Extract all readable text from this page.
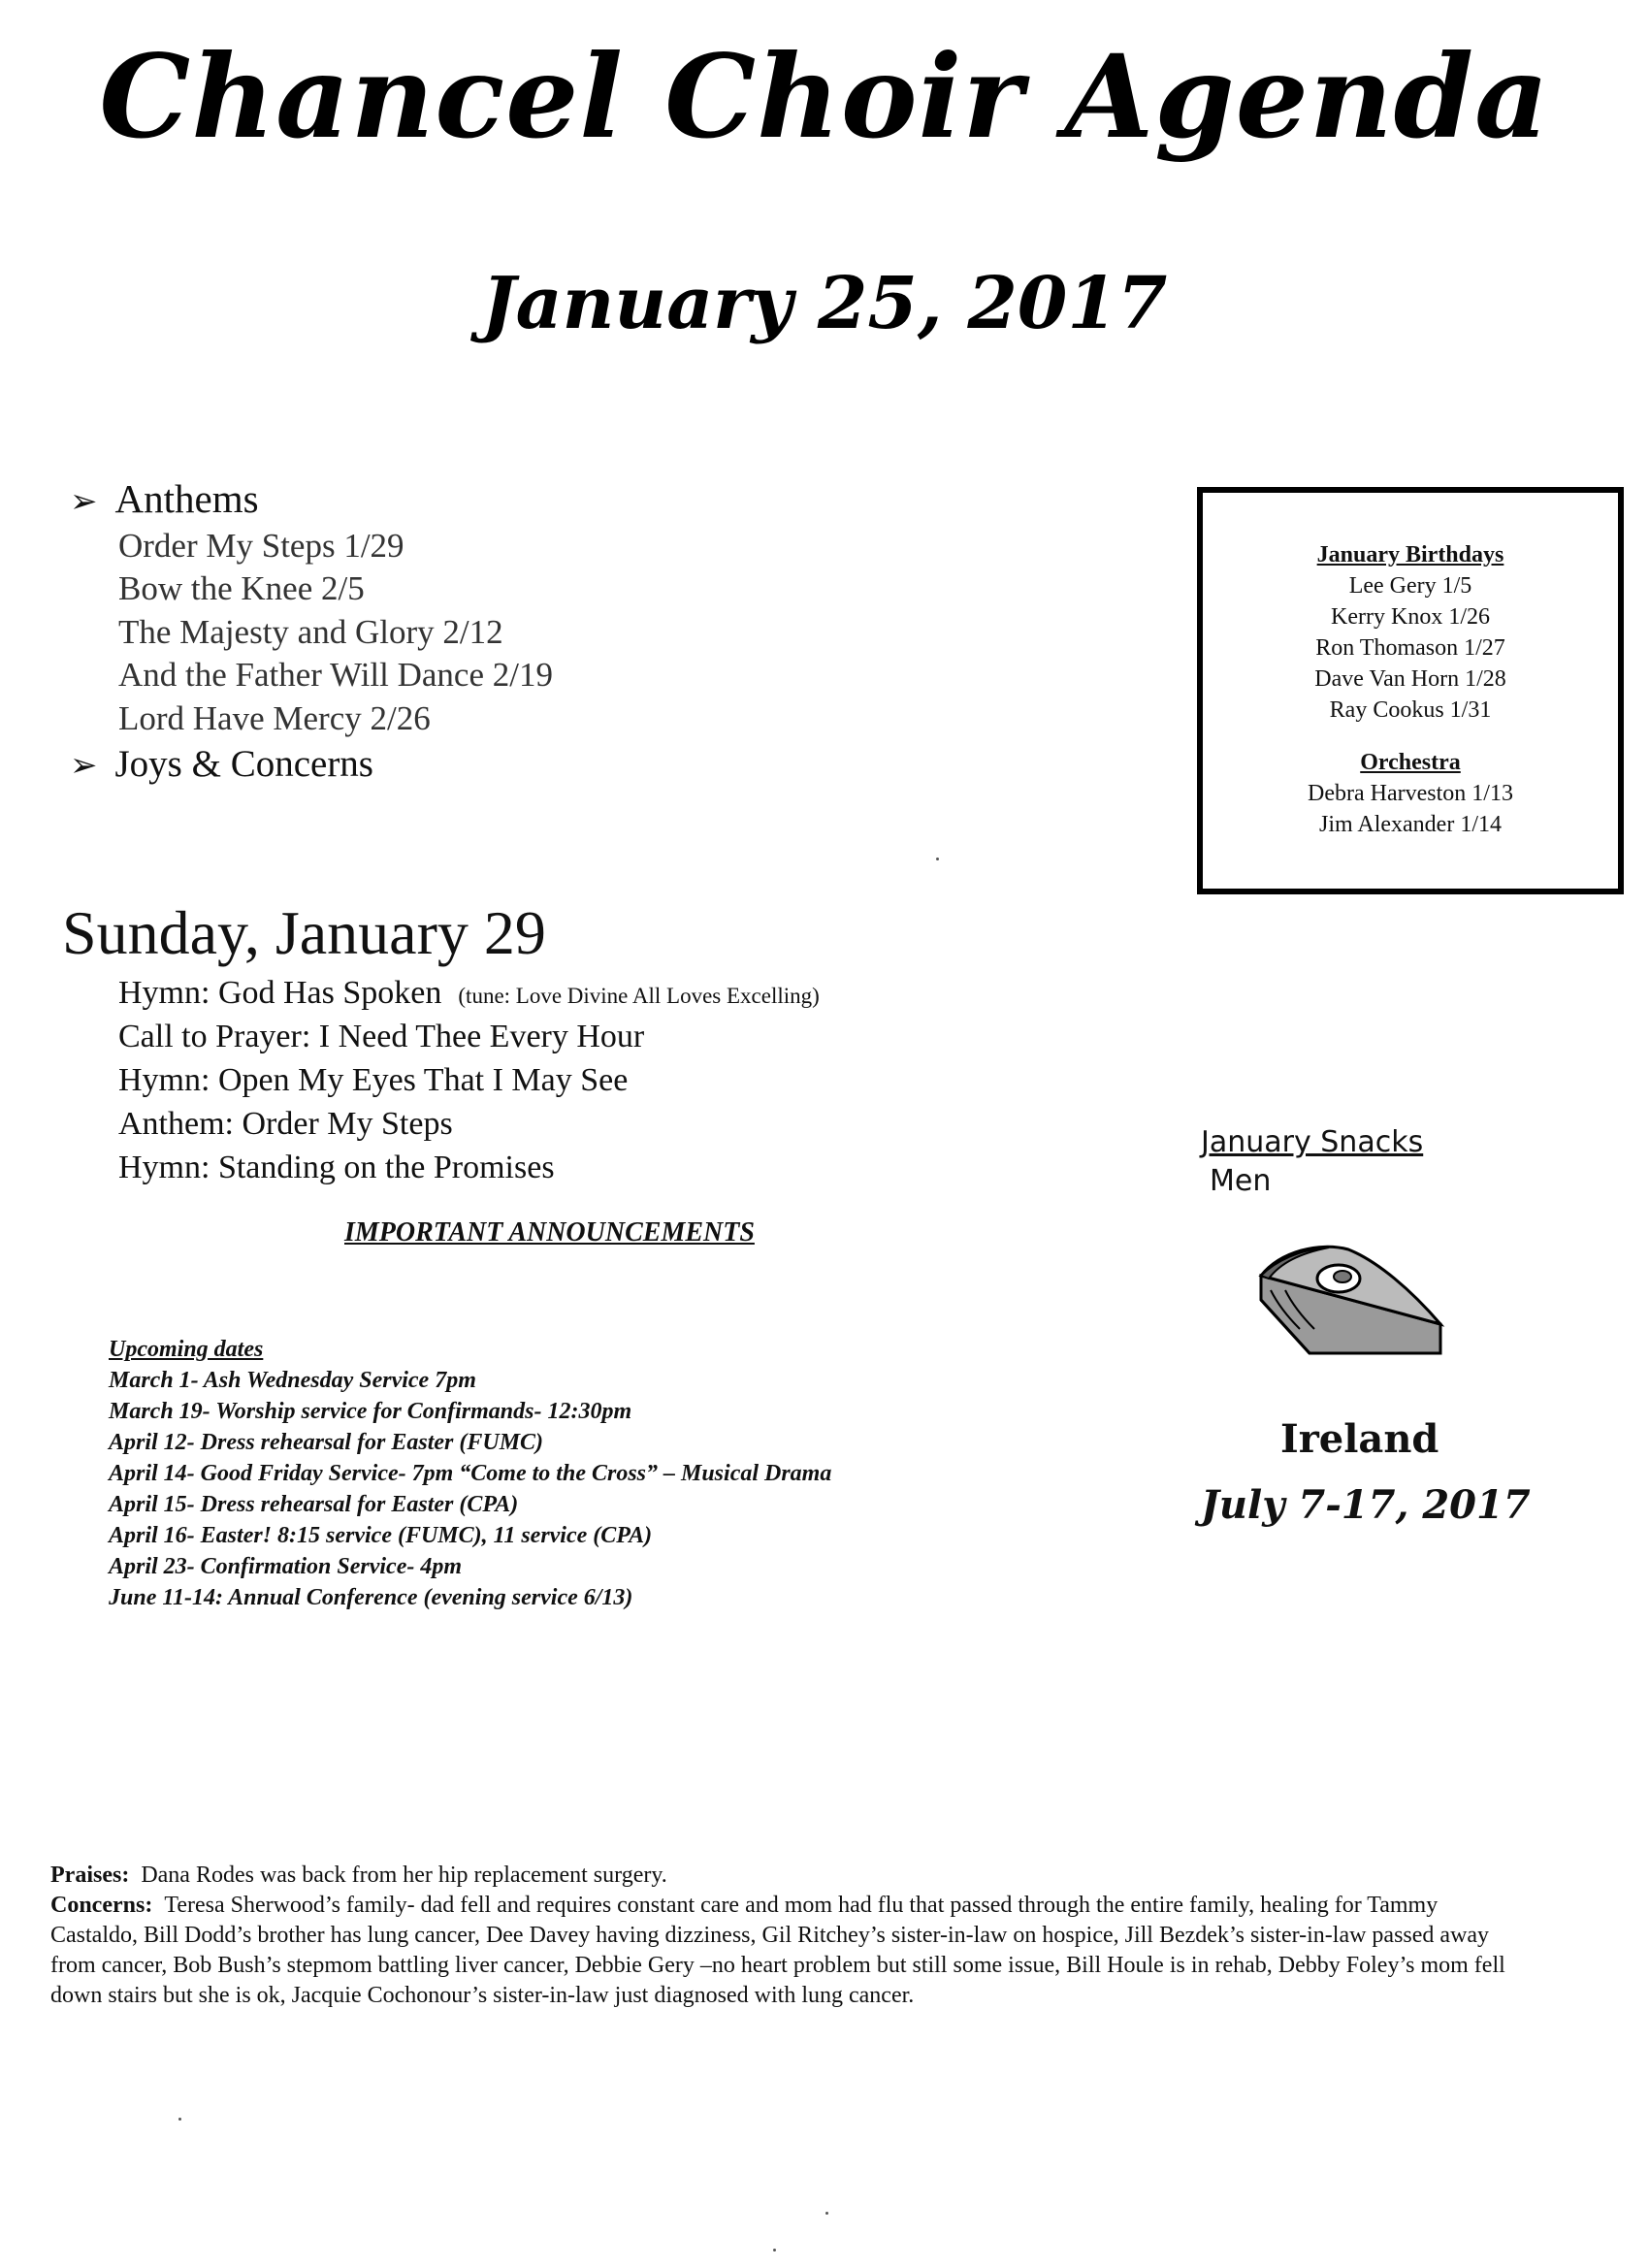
Chancel Choir Agenda
January 25, 2017
➢ Anthems
Order My Steps 1/29
Bow the Knee 2/5
The Majesty and Glory 2/12
And the Father Will Dance 2/19
Lord Have Mercy 2/26
➢ Joys & Concerns
January Birthdays
Lee Gery 1/5
Kerry Knox 1/26
Ron Thomason 1/27
Dave Van Horn 1/28
Ray Cookus 1/31
Orchestra
Debra Harveston 1/13
Jim Alexander 1/14
Sunday, January 29
Hymn: God Has Spoken (tune: Love Divine All Loves Excelling)
Call to Prayer: I Need Thee Every Hour
Hymn: Open My Eyes That I May See
Anthem: Order My Steps
Hymn: Standing on the Promises
IMPORTANT ANNOUNCEMENTS
Upcoming dates
March 1- Ash Wednesday Service 7pm
March 19- Worship service for Confirmands- 12:30pm
April 12- Dress rehearsal for Easter (FUMC)
April 14- Good Friday Service- 7pm “Come to the Cross” – Musical Drama
April 15- Dress rehearsal for Easter (CPA)
April 16- Easter! 8:15 service (FUMC), 11 service (CPA)
April 23- Confirmation Service- 4pm
June 11-14: Annual Conference (evening service 6/13)
January Snacks
Men
Ireland
July 7-17, 2017
Praises: Dana Rodes was back from her hip replacement surgery.
Concerns: Teresa Sherwood’s family- dad fell and requires constant care and mom had flu that passed through the entire family, healing for Tammy Castaldo, Bill Dodd’s brother has lung cancer, Dee Davey having dizziness, Gil Ritchey’s sister-in-law on hospice, Jill Bezdek’s sister-in-law passed away from cancer, Bob Bush’s stepmom battling liver cancer, Debbie Gery –no heart problem but still some issue, Bill Houle is in rehab, Debby Foley’s mom fell down stairs but she is ok, Jacquie Cochonour’s sister-in-law just diagnosed with lung cancer.
